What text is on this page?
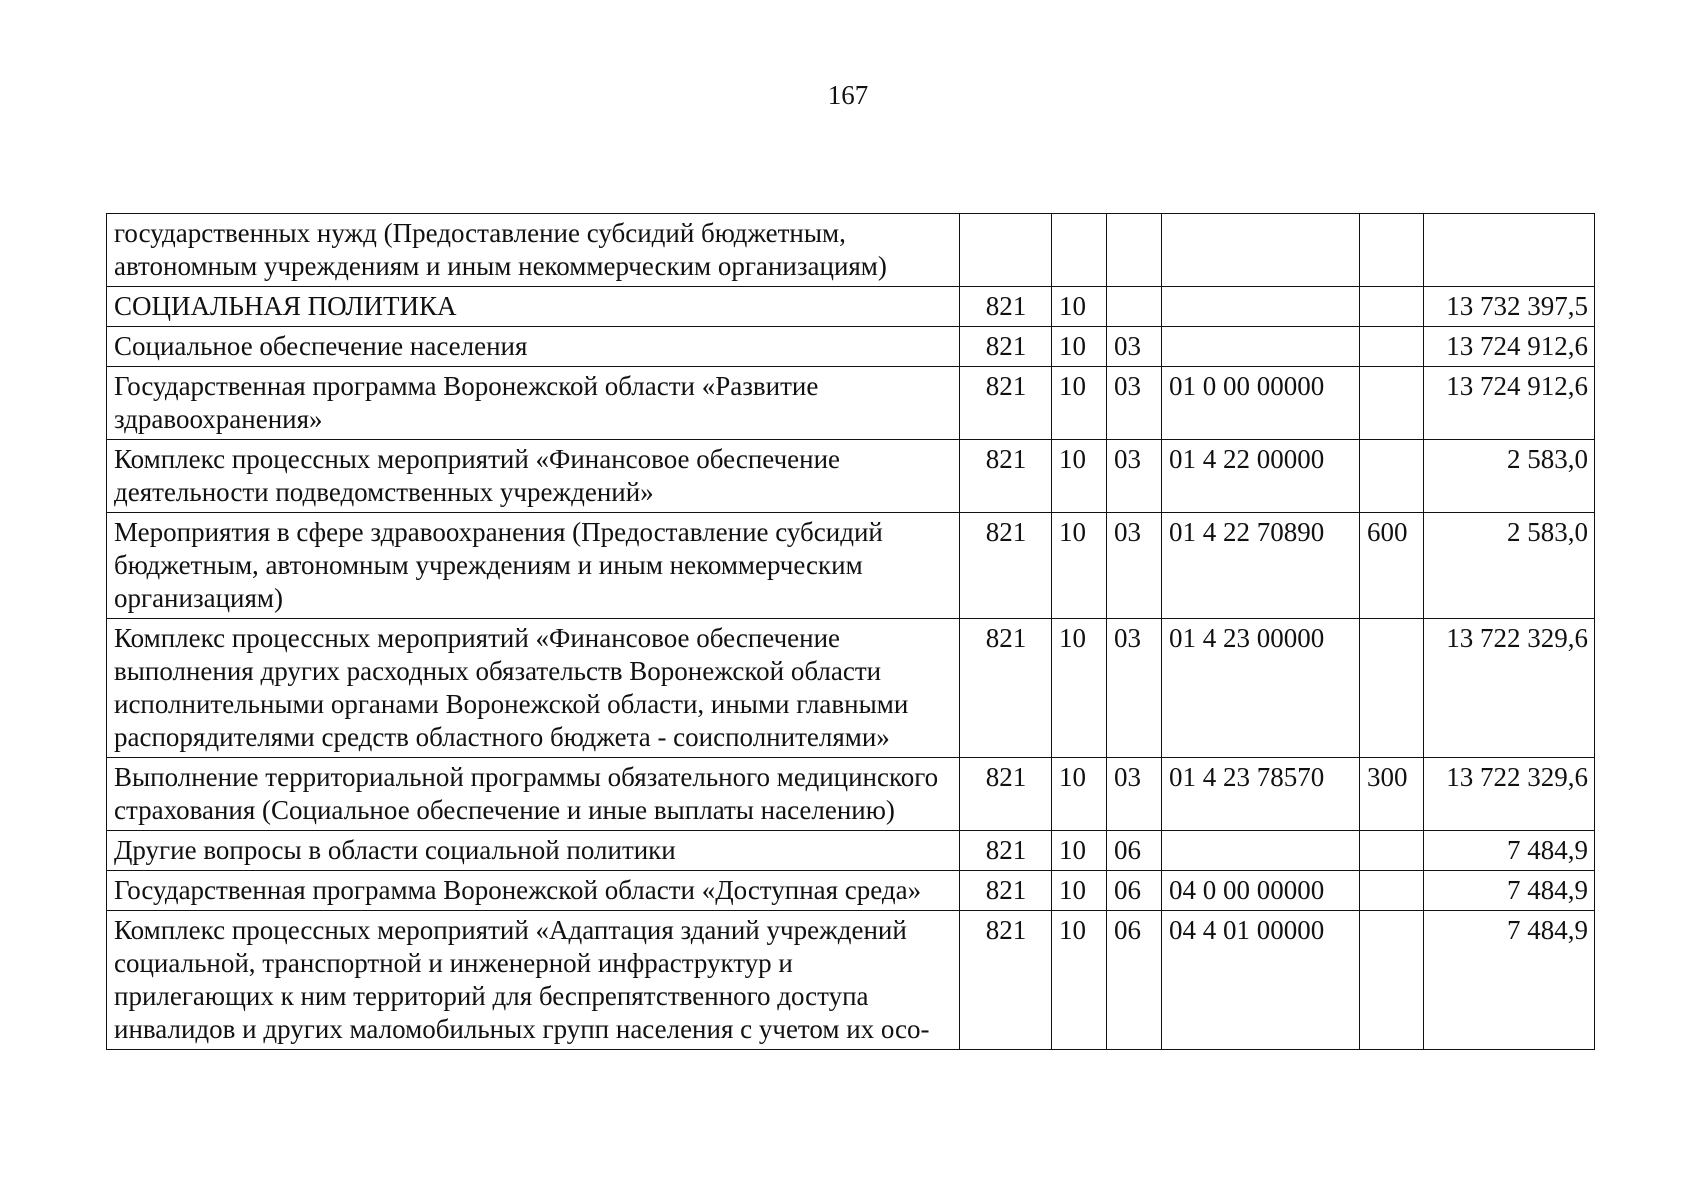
167
государственных нужд (Предоставление субсидий бюджетным, автономным учреждениям и иным некоммерческим организациям)						
СОЦИАЛЬНАЯ ПОЛИТИКА	821	10				13 732 397,5
Социальное обеспечение населения	821	10	03			13 724 912,6
Государственная программа Воронежской области «Развитие здравоохранения»	821	10	03	01 0 00 00000		13 724 912,6
Комплекс процессных мероприятий «Финансовое обеспечение деятельности подведомственных учреждений»	821	10	03	01 4 22 00000		2 583,0
Мероприятия в сфере здравоохранения (Предоставление субсидий бюджетным, автономным учреждениям и иным некоммерческим организациям)	821	10	03	01 4 22 70890	600	2 583,0
Комплекс процессных мероприятий «Финансовое обеспечение выполнения других расходных обязательств Воронежской области исполнительными органами Воронежской области, иными главными распорядителями средств областного бюджета - соисполнителями»	821	10	03	01 4 23 00000		13 722 329,6
Выполнение территориальной программы обязательного медицинского страхования (Социальное обеспечение и иные выплаты населению)	821	10	03	01 4 23 78570	300	13 722 329,6
Другие вопросы в области социальной политики	821	10	06			7 484,9
Государственная программа Воронежской области «Доступная среда»	821	10	06	04 0 00 00000		7 484,9
Комплекс процессных мероприятий «Адаптация зданий учреждений социальной, транспортной и инженерной инфраструктур и прилегающих к ним территорий для беспрепятственного доступа инвалидов и других маломобильных групп населения с учетом их осо-	821	10	06	04 4 01 00000		7 484,9
